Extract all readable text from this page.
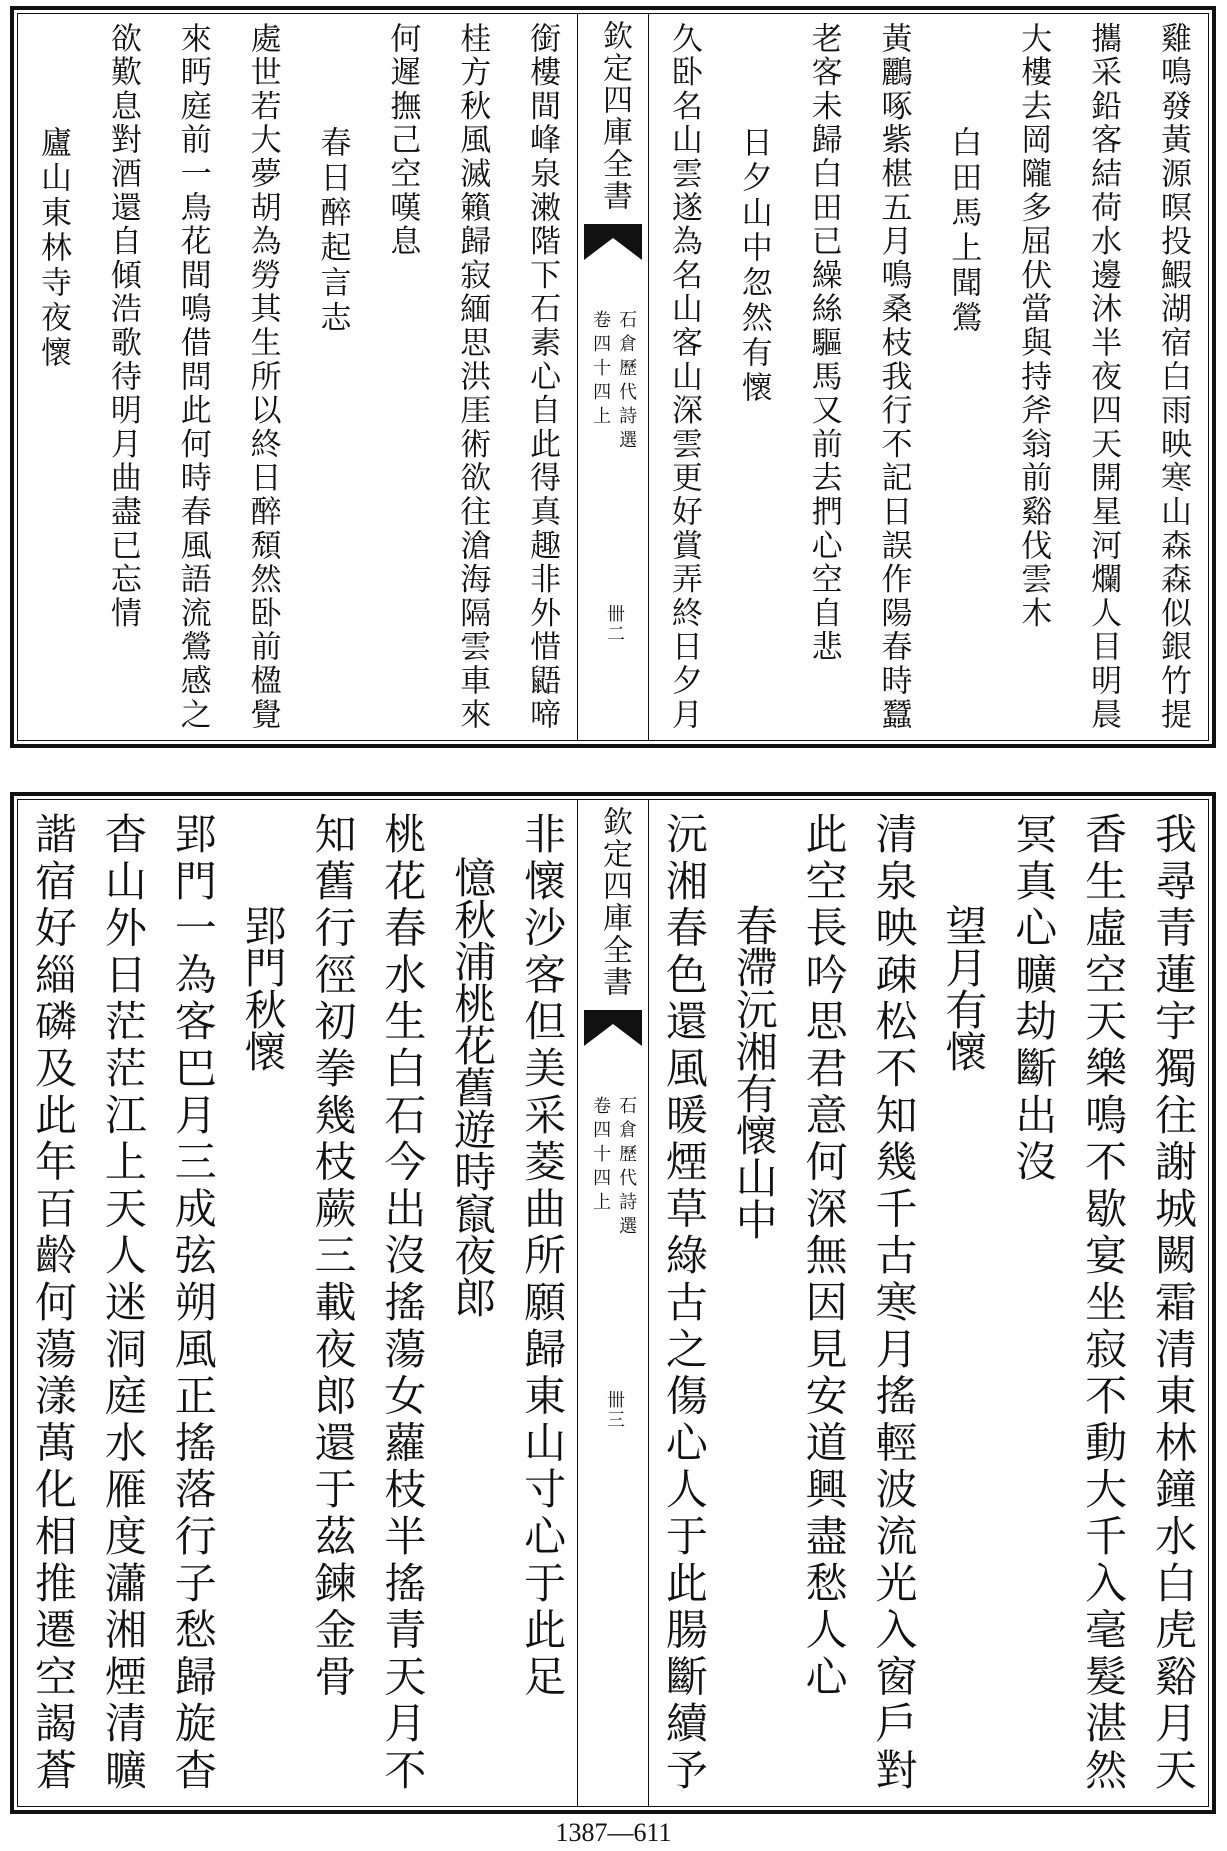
雞鳴發黃源暝投鰕湖宿白雨映寒山森森似銀竹提
攜采鉛客結荷水邊沐半夜四天開星河爛人目明晨
大樓去岡隴多屈伏當與持斧翁前谿伐雲木
白田馬上聞鶯
黃鸝啄紫椹五月鳴桑枝我行不記日誤作陽春時蠶
老客未歸白田已繰絲驅馬又前去捫心空自悲
日夕山中忽然有懷
久卧名山雲遂為名山客山深雲更好賞弄終日夕月
欽定四庫全書
石倉歷代詩選
卷四十四上
卌二
銜樓間峰泉潄階下石素心自此得真趣非外惜鼯啼
桂方秋風滅籟歸寂緬思洪厓術欲往滄海隔雲車來
何遲撫己空嘆息
春日醉起言志
處世若大夢胡為勞其生所以終日醉頹然卧前楹覺
來眄庭前一鳥花間鳴借問此何時春風語流鶯感之
欲歎息對酒還自傾浩歌待明月曲盡已忘情
廬山東林寺夜懷
我尋青蓮宇獨往謝城闕霜清東林鐘水白虎谿月天
香生虛空天樂鳴不歇宴坐寂不動大千入毫髮湛然
冥真心曠劫斷出沒
望月有懷
清泉映疎松不知幾千古寒月搖輕波流光入窗戶對
此空長吟思君意何深無因見安道興盡愁人心
春滯沅湘有懷山中
沅湘春色還風暖煙草綠古之傷心人于此腸斷續予
欽定四庫全書
石倉歷代詩選
卷四十四上
卌三
非懷沙客但美采菱曲所願歸東山寸心于此足
憶秋浦桃花舊遊時竄夜郎
桃花春水生白石今出沒搖蕩女蘿枝半搖青天月不
知舊行徑初拳幾枝蕨三載夜郎還于茲鍊金骨
郢門秋懷
郢門一為客巴月三成弦朔風正搖落行子愁歸旋杳
杳山外日茫茫江上天人迷洞庭水雁度瀟湘煙清曠
諧宿好緇磷及此年百齡何蕩漾萬化相推遷空謁蒼
1387—611
